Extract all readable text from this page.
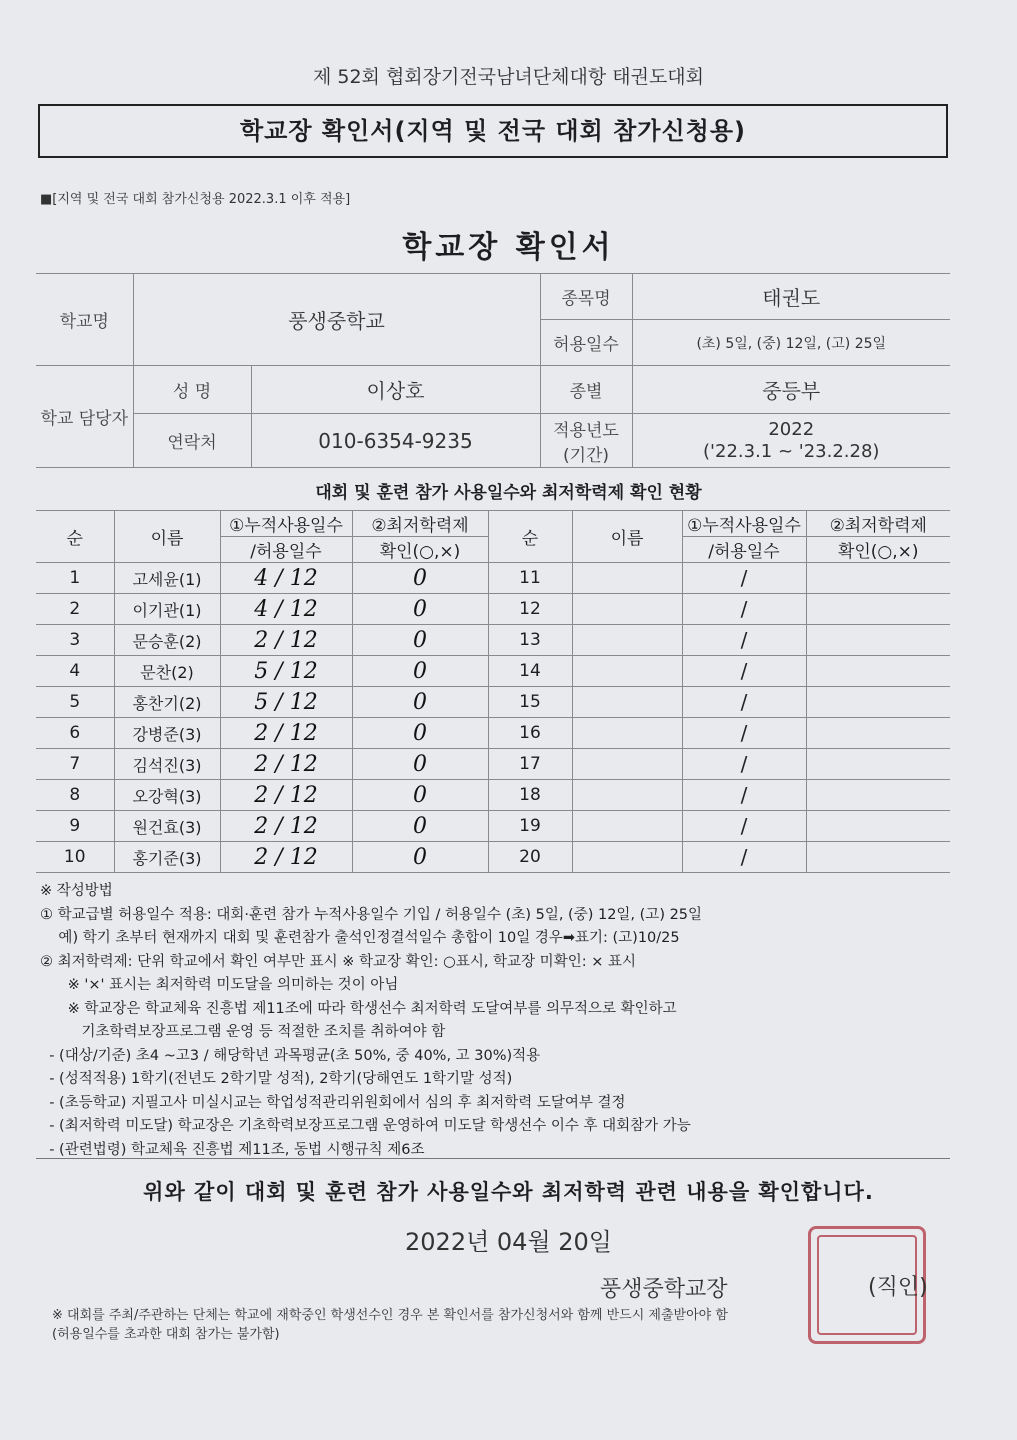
제 52회 협회장기전국남녀단체대항 태권도대회
학교장 확인서(지역 및 전국 대회 참가신청용)
■[지역 및 전국 대회 참가신청용 2022.3.1 이후 적용]
학교장 확인서
학교명	풍생중학교		종목명	태권도
			허용일수	(초) 5일, (중) 12일, (고) 25일
학교 담당자	성 명	이상호	종별	중등부
	연락처	010-6354-9235	적용년도 (기간)	2022
('22.3.1 ~ '23.2.28)
대회 및 훈련 참가 사용일수와 최저학력제 확인 현황
순	이름	①누적사용일수	②최저학력제	순	이름	①누적사용일수	②최저학력제
		/허용일수	확인(○,×)			/허용일수	확인(○,×)
1	고세윤(1)	4 / 12	0	11		/	
2	이기관(1)	4 / 12	0	12		/	
3	문승훈(2)	2 / 12	0	13		/	
4	문찬(2)	5 / 12	0	14		/	
5	홍찬기(2)	5 / 12	0	15		/	
6	강병준(3)	2 / 12	0	16		/	
7	김석진(3)	2 / 12	0	17		/	
8	오강혁(3)	2 / 12	0	18		/	
9	원건효(3)	2 / 12	0	19		/	
10	홍기준(3)	2 / 12	0	20		/	
※ 작성방법
① 학교급별 허용일수 적용: 대회·훈련 참가 누적사용일수 기입 / 허용일수 (초) 5일, (중) 12일, (고) 25일
예) 학기 초부터 현재까지 대회 및 훈련참가 출석인정결석일수 총합이 10일 경우➡표기: (고)10/25
② 최저학력제: 단위 학교에서 확인 여부만 표시 ※ 학교장 확인: ○표시, 학교장 미확인: × 표시
※ '×' 표시는 최저학력 미도달을 의미하는 것이 아님
※ 학교장은 학교체육 진흥법 제11조에 따라 학생선수 최저학력 도달여부를 의무적으로 확인하고
기초학력보장프로그램 운영 등 적절한 조치를 취하여야 함
- (대상/기준) 초4 ~고3 / 해당학년 과목평균(초 50%, 중 40%, 고 30%)적용
- (성적적용) 1학기(전년도 2학기말 성적), 2학기(당해연도 1학기말 성적)
- (초등학교) 지필고사 미실시교는 학업성적관리위원회에서 심의 후 최저학력 도달여부 결정
- (최저학력 미도달) 학교장은 기초학력보장프로그램 운영하여 미도달 학생선수 이수 후 대회참가 가능
- (관련법령) 학교체육 진흥법 제11조, 동법 시행규칙 제6조
위와 같이 대회 및 훈련 참가 사용일수와 최저학력 관련 내용을 확인합니다.
2022년 04월 20일
풍생중학교장	(직인)
※ 대회를 주최/주관하는 단체는 학교에 재학중인 학생선수인 경우 본 확인서를 참가신청서와 함께 반드시 제출받아야 함
(허용일수를 초과한 대회 참가는 불가함)
